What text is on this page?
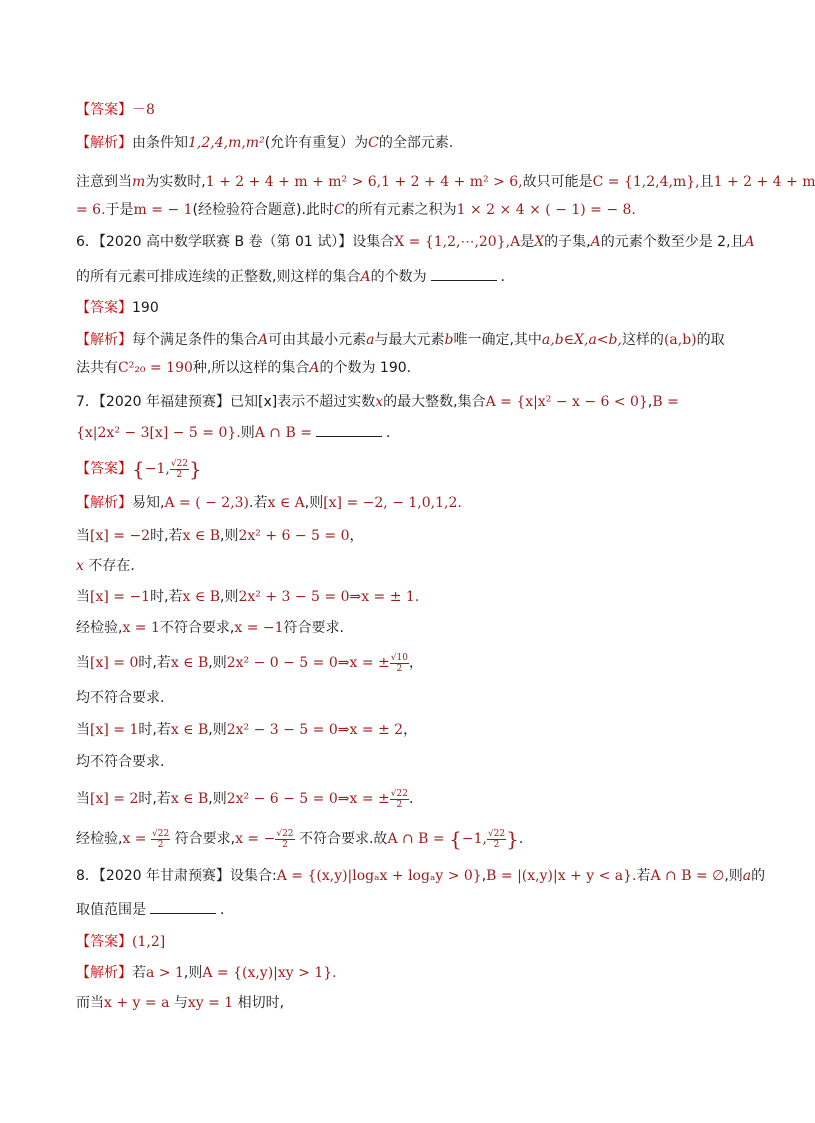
【答案】－8
【解析】由条件知1,2,4,m,m²(允许有重复）为C的全部元素.
注意到当m为实数时,1 + 2 + 4 + m + m² > 6,1 + 2 + 4 + m² > 6,故只可能是C = {1,2,4,m},且1 + 2 + 4 + m
= 6.于是m = − 1(经检验符合题意).此时C的所有元素之积为1 × 2 × 4 × ( − 1) = − 8.
6．【2020 高中数学联赛 B 卷（第 01 试）】设集合X = {1,2,⋯,20},A是X的子集,A的元素个数至少是 2,且A
的所有元素可排成连续的正整数,则这样的集合A的个数为	．
【答案】190
【解析】每个满足条件的集合A可由其最小元素a与最大元素b唯一确定,其中a,b∈X,a<b,这样的(a,b)的取
法共有C²₂₀ = 190种,所以这样的集合A的个数为 190.
7．【2020 年福建预赛】已知[x]表示不超过实数x的最大整数,集合A = {x|x² − x − 6 < 0},B =
{x|2x² − 3[x] − 5 = 0}.则A ∩ B =	．
【答案】{−1, $\frac{√22}{2}$ }
【解析】易知,A = ( − 2,3).若x ∈ A,则[x] = −2, − 1,0,1,2.
当[x] = −2时,若x ∈ B,则2x² + 6 − 5 = 0，
x 不存在.
当[x] = −1时,若x ∈ B,则2x² + 3 − 5 = 0⇒x = ± 1.
经检验,x = 1不符合要求,x = −1符合要求.
当[x] = 0时,若x ∈ B,则2x² − 0 − 5 = 0⇒x = ± $\frac{√10}{2}$ ，
均不符合要求.
当[x] = 1时,若x ∈ B,则2x² − 3 − 5 = 0⇒x = ± 2，
均不符合要求.
当[x] = 2时,若x ∈ B,则2x² − 6 − 5 = 0⇒x = ± $\frac{√22}{2}$ .
经检验$,x = \frac{√22}{2}$ 符合要求,x = − $\frac{√22}{2}$ 不符合要求.故A ∩ B = {−1, $\frac{√22}{2}$ }.
8．【2020 年甘肃预赛】设集合:A = {(x,y)|logₐx + logₐy > 0},B = |(x,y)|x + y < a}.若A ∩ B = ∅,则a的
取值范围是	．
【答案】(1,2]
【解析】若a > 1,则A = {(x,y)|xy > 1}.
而当x + y = a 与xy = 1 相切时,
